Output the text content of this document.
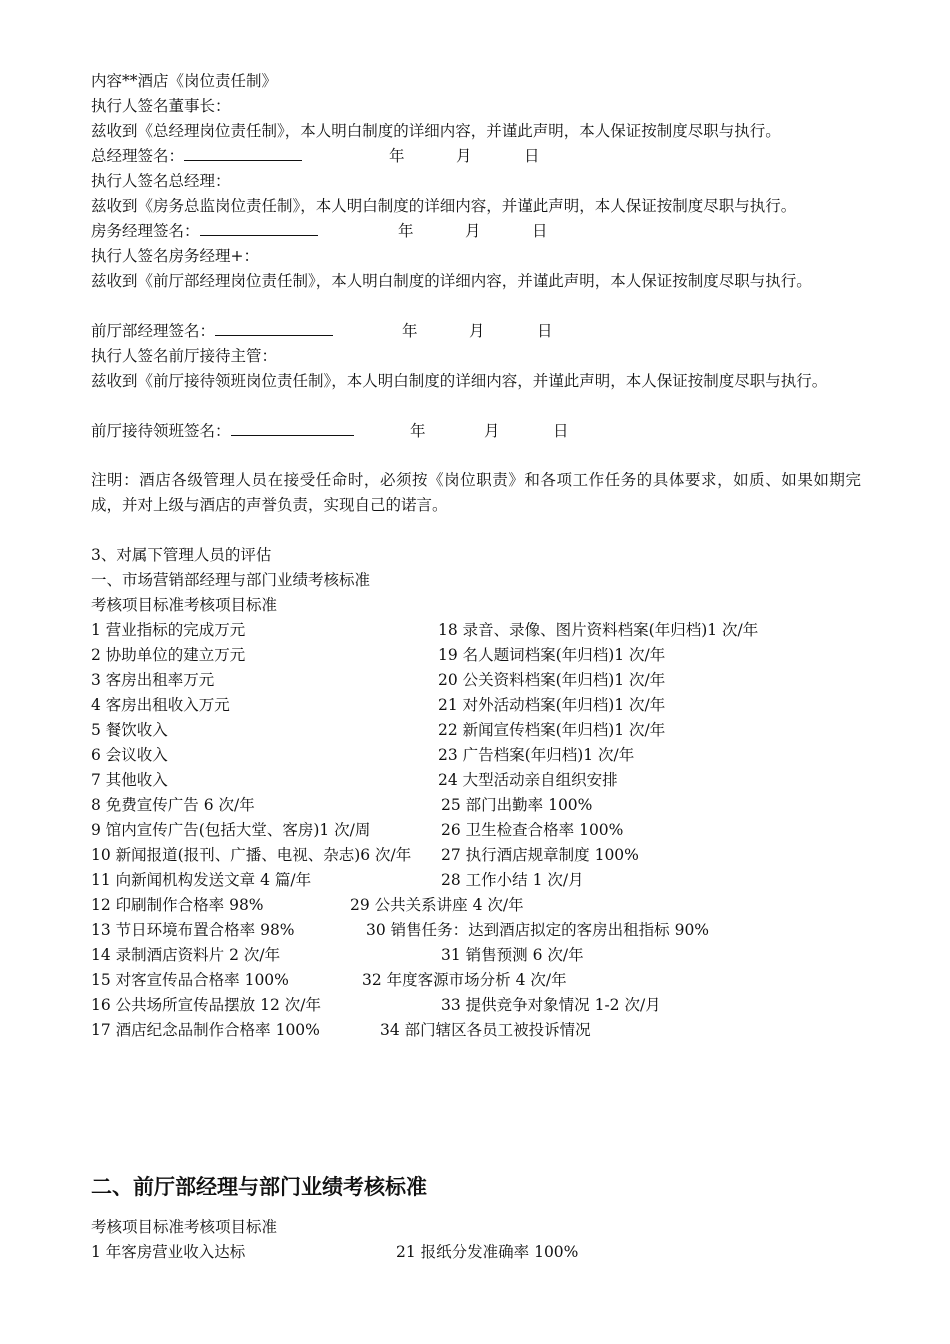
内容**酒店《岗位责任制》
执行人签名董事长：
兹收到《总经理岗位责任制》，本人明白制度的详细内容，并谨此声明，本人保证按制度尽职与执行。
总经理签名：	年	月	日
执行人签名总经理：
兹收到《房务总监岗位责任制》，本人明白制度的详细内容，并谨此声明，本人保证按制度尽职与执行。
房务经理签名：	年	月	日
执行人签名房务经理+：
兹收到《前厅部经理岗位责任制》，本人明白制度的详细内容，并谨此声明，本人保证按制度尽职与执行。
前厅部经理签名：	年	月	日
执行人签名前厅接待主管：
兹收到《前厅接待领班岗位责任制》，本人明白制度的详细内容，并谨此声明，本人保证按制度尽职与执行。
前厅接待领班签名：	年	月	日
注明：酒店各级管理人员在接受任命时，必须按《岗位职责》和各项工作任务的具体要求，如质、如果如期完成，并对上级与酒店的声誉负责，实现自己的诺言。
3、对属下管理人员的评估
一、市场营销部经理与部门业绩考核标准
考核项目标准考核项目标准
1 营业指标的完成万元	18 录音、录像、图片资料档案(年归档)1 次/年
2 协助单位的建立万元	19 名人题词档案(年归档)1 次/年
3 客房出租率万元	20 公关资料档案(年归档)1 次/年
4 客房出租收入万元	21 对外活动档案(年归档)1 次/年
5 餐饮收入	22 新闻宣传档案(年归档)1 次/年
6 会议收入	23 广告档案(年归档)1 次/年
7 其他收入	24 大型活动亲自组织安排
8 免费宣传广告 6 次/年	25 部门出勤率 100%
9 馆内宣传广告(包括大堂、客房)1 次/周	26 卫生检查合格率 100%
10 新闻报道(报刊、广播、电视、杂志)6 次/年 27 执行酒店规章制度 100%
11 向新闻机构发送文章 4 篇/年	28 工作小结 1 次/月
12 印刷制作合格率 98%	29 公共关系讲座 4 次/年
13 节日环境布置合格率 98%	30 销售任务：达到酒店拟定的客房出租指标 90%
14 录制酒店资料片 2 次/年	31 销售预测 6 次/年
15 对客宣传品合格率 100%	32 年度客源市场分析 4 次/年
16 公共场所宣传品摆放 12 次/年	33 提供竞争对象情况 1-2 次/月
17 酒店纪念品制作合格率 100%	34 部门辖区各员工被投诉情况
二、前厅部经理与部门业绩考核标准
考核项目标准考核项目标准
1 年客房营业收入达标	21 报纸分发准确率 100%
